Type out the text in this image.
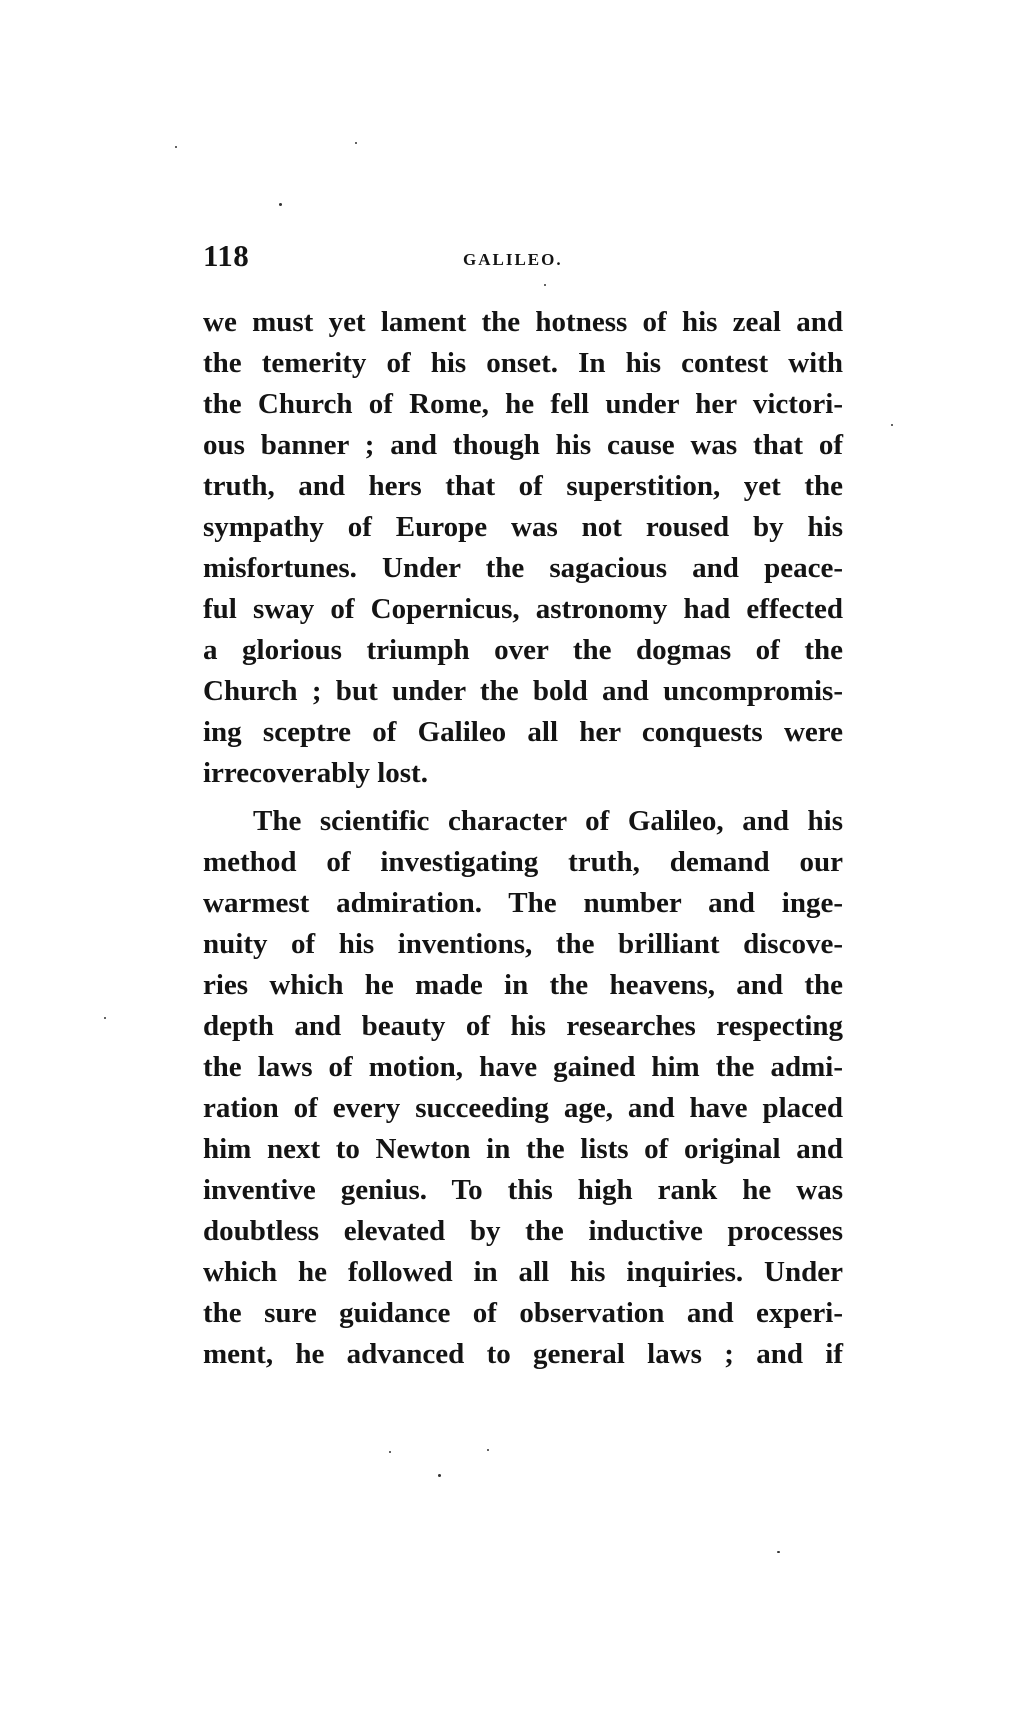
118	GALILEO.
we must yet lament the hotness of his zeal and
the temerity of his onset. In his contest with
the Church of Rome, he fell under her victori-
ous banner ; and though his cause was that of
truth, and hers that of superstition, yet the
sympathy of Europe was not roused by his
misfortunes. Under the sagacious and peace-
ful sway of Copernicus, astronomy had effected
a glorious triumph over the dogmas of the
Church ; but under the bold and uncompromis-
ing sceptre of Galileo all her conquests were
irrecoverably lost.
The scientific character of Galileo, and his
method of investigating truth, demand our
warmest admiration. The number and inge-
nuity of his inventions, the brilliant discove-
ries which he made in the heavens, and the
depth and beauty of his researches respecting
the laws of motion, have gained him the admi-
ration of every succeeding age, and have placed
him next to Newton in the lists of original and
inventive genius. To this high rank he was
doubtless elevated by the inductive processes
which he followed in all his inquiries. Under
the sure guidance of observation and experi-
ment, he advanced to general laws ; and if
